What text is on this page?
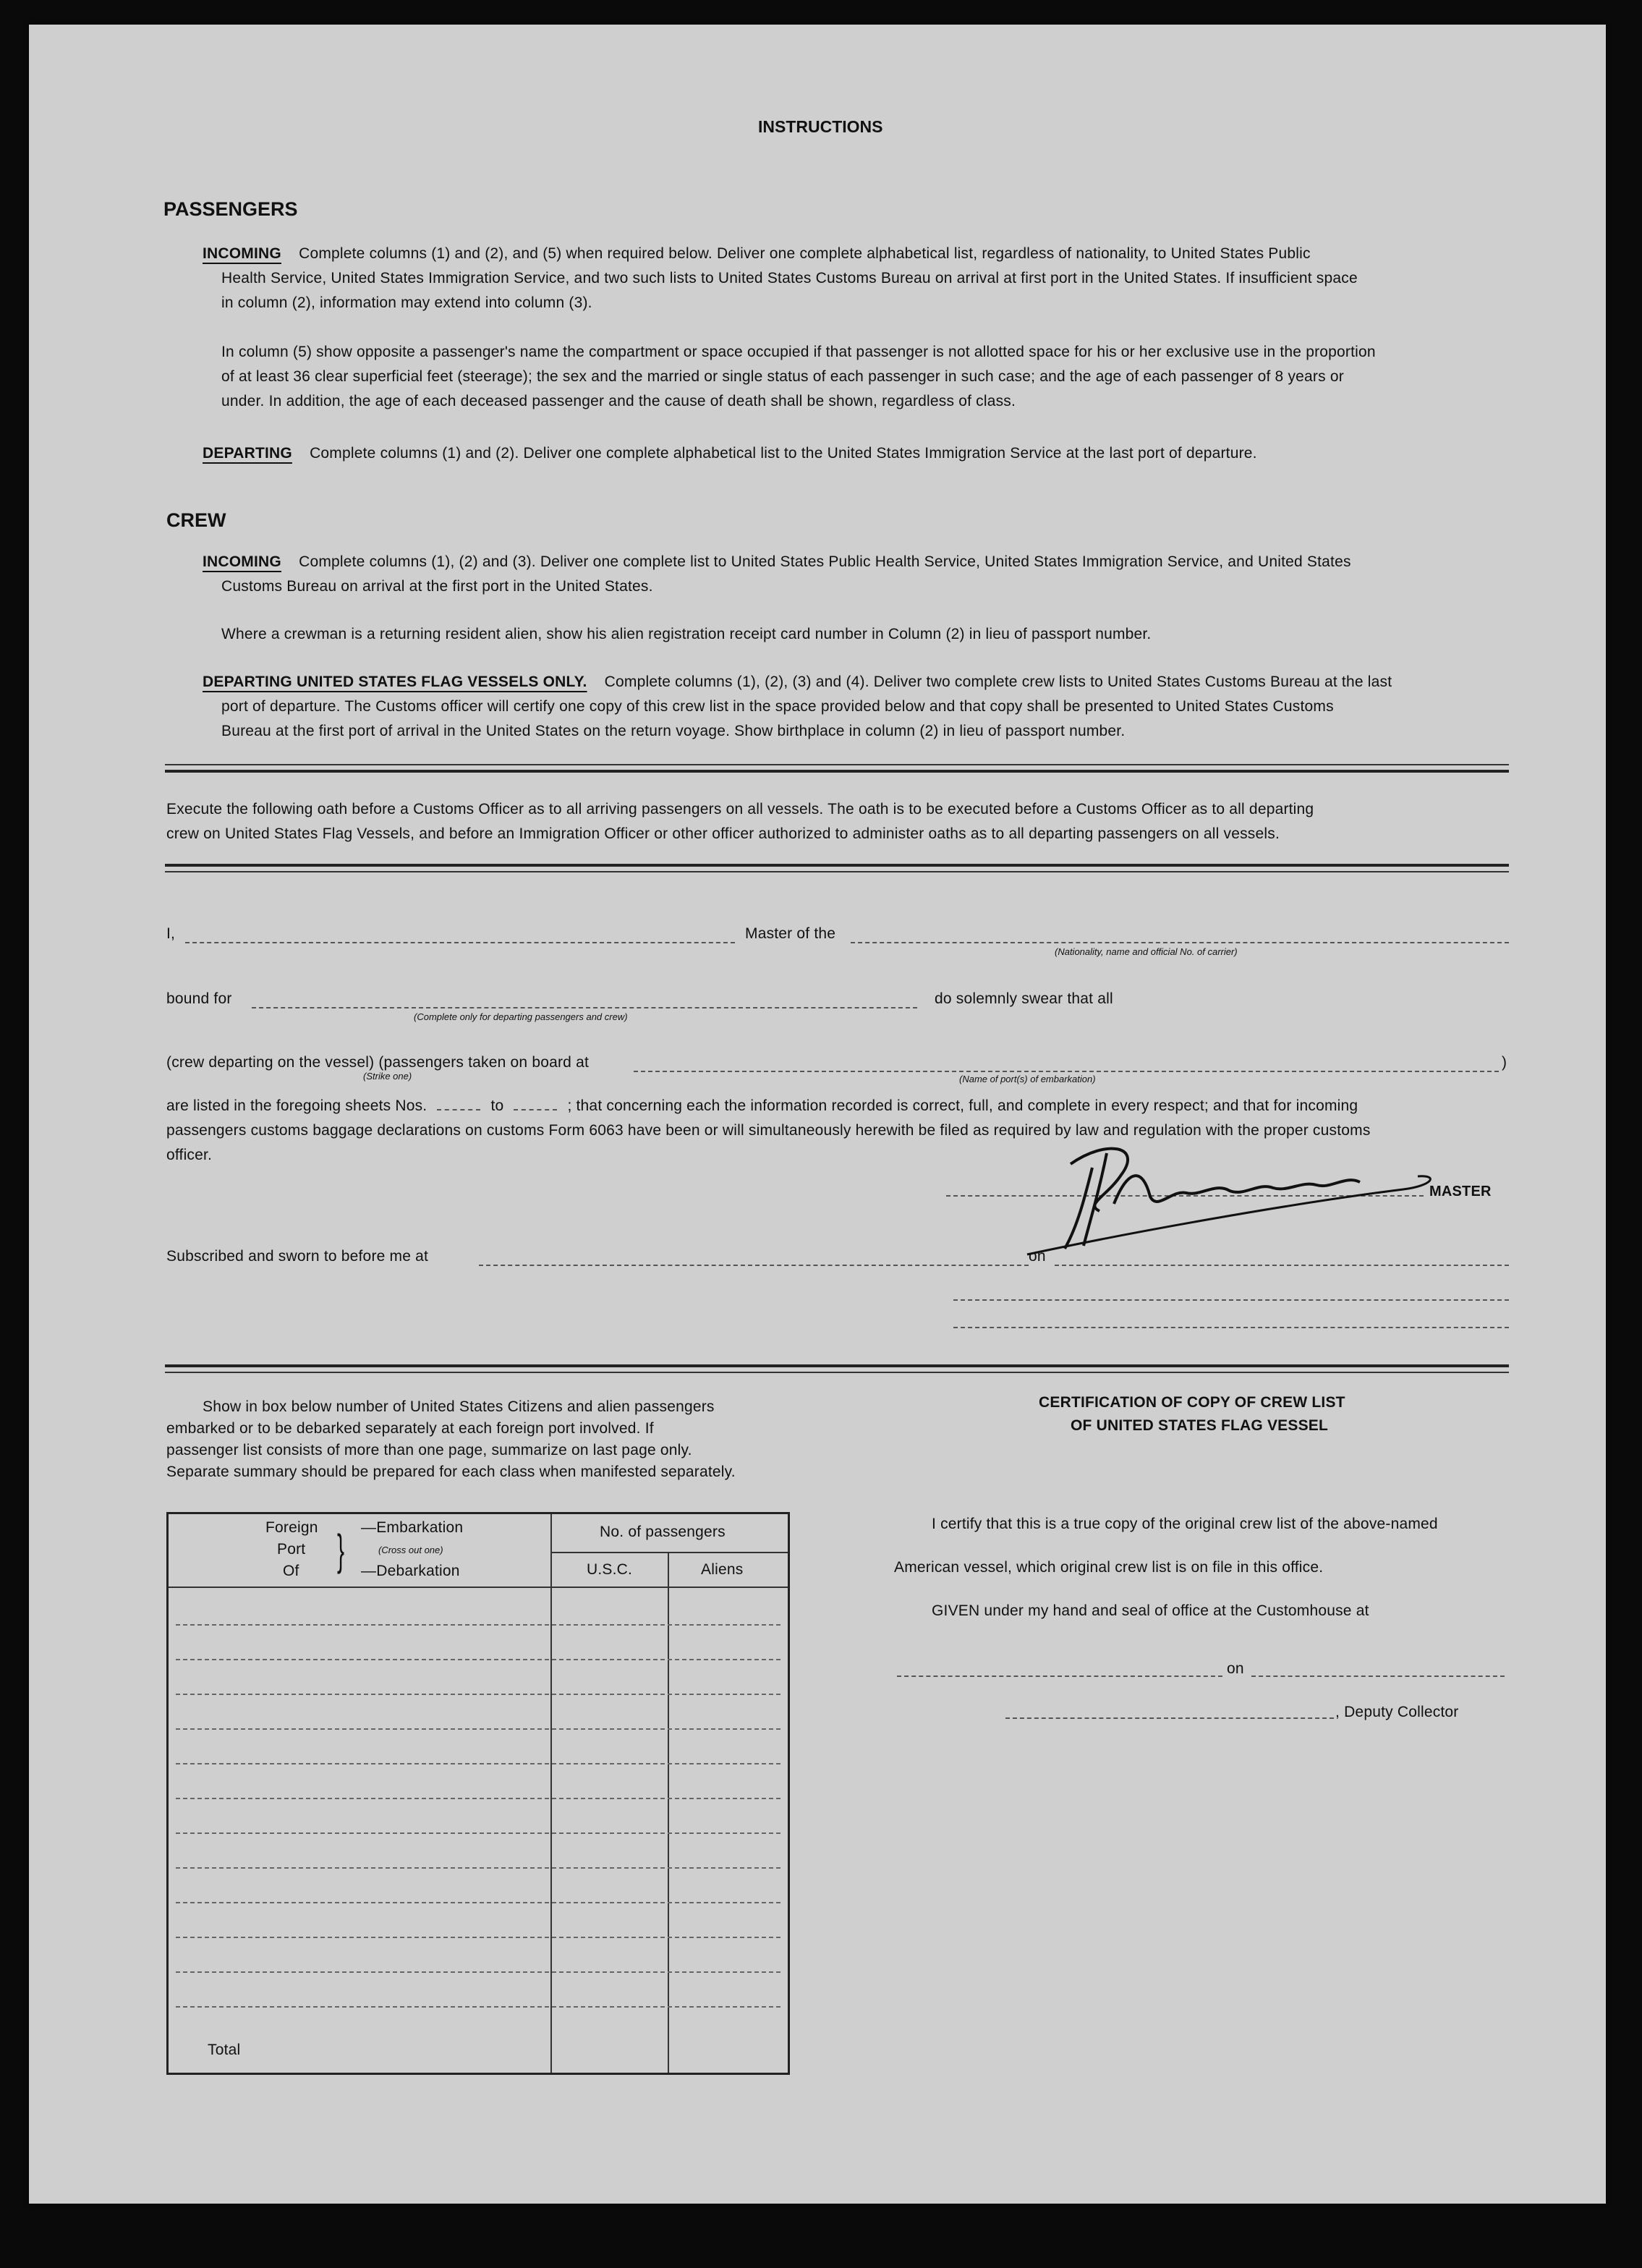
INSTRUCTIONS
PASSENGERS
INCOMING Complete columns (1) and (2), and (5) when required below. Deliver one complete alphabetical list, regardless of nationality, to United States Public
Health Service, United States Immigration Service, and two such lists to United States Customs Bureau on arrival at first port in the United States. If insufficient space
in column (2), information may extend into column (3).
In column (5) show opposite a passenger's name the compartment or space occupied if that passenger is not allotted space for his or her exclusive use in the proportion
of at least 36 clear superficial feet (steerage); the sex and the married or single status of each passenger in such case; and the age of each passenger of 8 years or
under. In addition, the age of each deceased passenger and the cause of death shall be shown, regardless of class.
DEPARTING Complete columns (1) and (2). Deliver one complete alphabetical list to the United States Immigration Service at the last port of departure.
CREW
INCOMING Complete columns (1), (2) and (3). Deliver one complete list to United States Public Health Service, United States Immigration Service, and United States
Customs Bureau on arrival at the first port in the United States.
Where a crewman is a returning resident alien, show his alien registration receipt card number in Column (2) in lieu of passport number.
DEPARTING UNITED STATES FLAG VESSELS ONLY. Complete columns (1), (2), (3) and (4). Deliver two complete crew lists to United States Customs Bureau at the last
port of departure. The Customs officer will certify one copy of this crew list in the space provided below and that copy shall be presented to United States Customs
Bureau at the first port of arrival in the United States on the return voyage. Show birthplace in column (2) in lieu of passport number.
Execute the following oath before a Customs Officer as to all arriving passengers on all vessels. The oath is to be executed before a Customs Officer as to all departing
crew on United States Flag Vessels, and before an Immigration Officer or other officer authorized to administer oaths as to all departing passengers on all vessels.
I,	Master of the
(Nationality, name and official No. of carrier)
bound for
(Complete only for departing passengers and crew)
do solemnly swear that all
(crew departing on the vessel) (passengers taken on board at
(Strike one)	(Name of port(s) of embarkation)
)
are listed in the foregoing sheets Nos.	to	; that concerning each the information recorded is correct, full, and complete in every respect; and that for incoming
passengers customs baggage declarations on customs Form 6063 have been or will simultaneously herewith be filed as required by law and regulation with the proper customs
officer.
MASTER
Subscribed and sworn to before me at	on
Show in box below number of United States Citizens and alien passengers
embarked or to be debarked separately at each foreign port involved. If
passenger list consists of more than one page, summarize on last page only.
Separate summary should be prepared for each class when manifested separately.
Foreign
Port
Of } —Embarkation
(Cross out one)
—Debarkation
No. of passengers
U.S.C.	Aliens
Total
CERTIFICATION OF COPY OF CREW LIST
OF UNITED STATES FLAG VESSEL
I certify that this is a true copy of the original crew list of the above-named
American vessel, which original crew list is on file in this office.
GIVEN under my hand and seal of office at the Customhouse at
on
, Deputy Collector
